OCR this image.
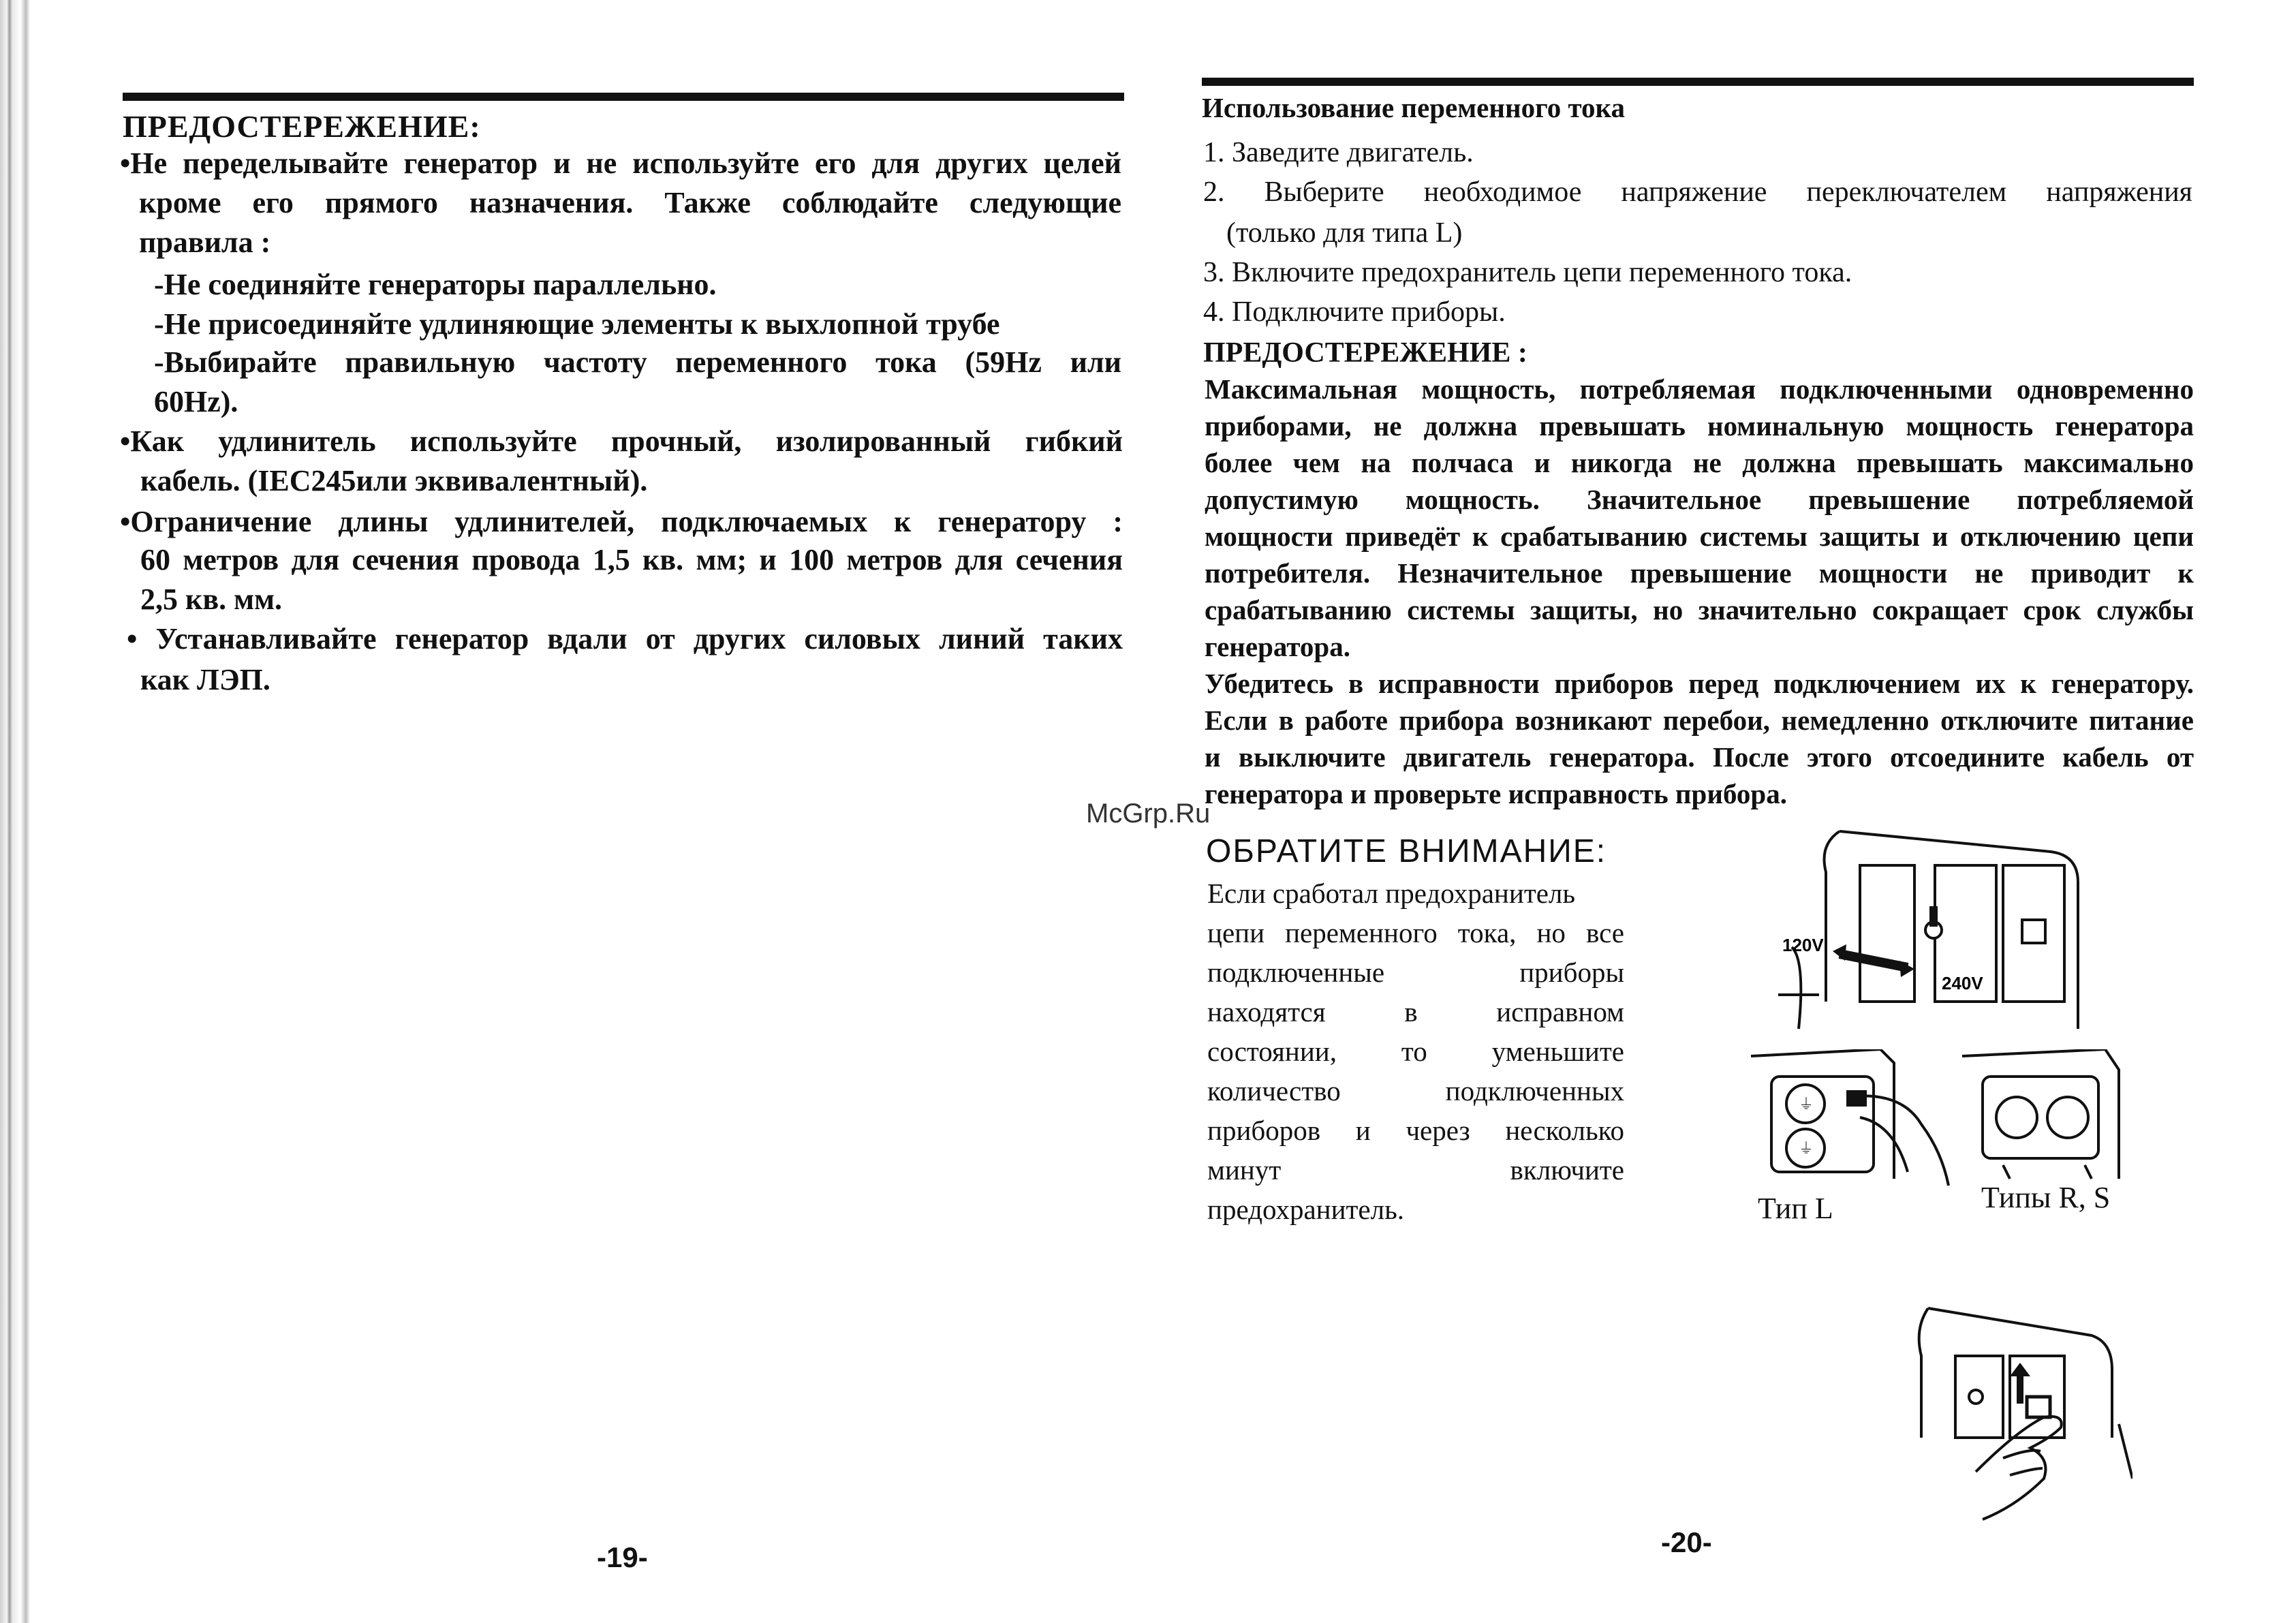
ПРЕДОСТЕРЕЖЕНИЕ:
•Не переделывайте генератор и не используйте его для других целей
кроме его прямого назначения. Также соблюдайте следующие
правила :
-Не соединяйте генераторы параллельно.
-Не присоединяйте удлиняющие элементы к выхлопной трубе
-Выбирайте правильную частоту переменного тока (59Hz или
60Hz).
•Как удлинитель используйте прочный, изолированный гибкий
кабель. (IEC245или эквивалентный).
•Ограничение длины удлинителей, подключаемых к генератору :
60 метров для сечения провода 1,5 кв. мм; и 100 метров для сечения
2,5 кв. мм.
• Устанавливайте генератор вдали от других силовых линий таких
как ЛЭП.
-19-
Использование переменного тока
1. Заведите двигатель.
2. Выберите необходимое напряжение переключателем напряжения
(только для типа L)
3. Включите предохранитель цепи переменного тока.
4. Подключите приборы.
ПРЕДОСТЕРЕЖЕНИЕ :
Максимальная мощность, потребляемая подключенными одновременно
приборами, не должна превышать номинальную мощность генератора
более чем на полчаса и никогда не должна превышать максимально
допустимую мощность. Значительное превышение потребляемой
мощности приведёт к срабатыванию системы защиты и отключению цепи
потребителя. Незначительное превышение мощности не приводит к
срабатыванию системы защиты, но значительно сокращает срок службы
генератора.
Убедитесь в исправности приборов перед подключением их к генератору.
Если в работе прибора возникают перебои, немедленно отключите питание
и выключите двигатель генератора. После этого отсоедините кабель от
генератора и проверьте исправность прибора.
McGrp.Ru
ОБРАТИТЕ ВНИМАНИЕ:
Если сработал предохранитель
цепи переменного тока, но все
подключенные приборы
находятся в исправном
состоянии, то уменьшите
количество подключенных
приборов и через несколько
минут включите
предохранитель.
120V
240V
⏚
⏚
Тип L	Типы R, S
-20-
